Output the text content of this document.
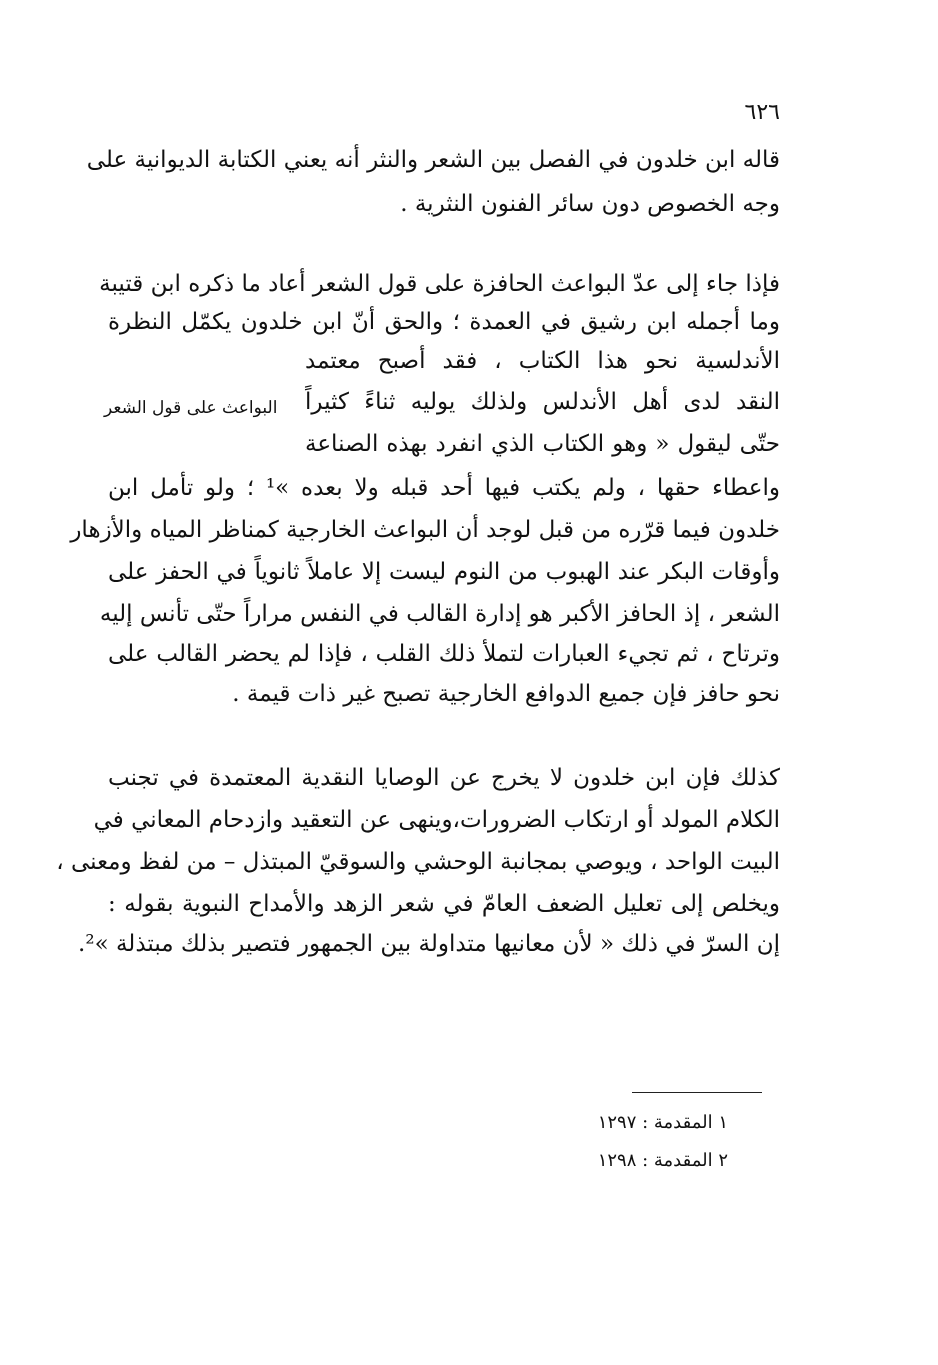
٦٢٦
قاله ابن خلدون في الفصل بين الشعر والنثر أنه يعني الكتابة الديوانية على
وجه الخصوص دون سائر الفنون النثرية .
فإذا جاء إلى عدّ البواعث الحافزة على قول الشعر أعاد ما ذكره ابن قتيبة
وما أجمله ابن رشيق في العمدة ؛ والحق أنّ ابن خلدون يكمّل النظرة
الأندلسية نحو هذا الكتاب ، فقد أصبح معتمد
النقد لدى أهل الأندلس ولذلك يوليه ثناءً كثيراً
حتّى ليقول « وهو الكتاب الذي انفرد بهذه الصناعة
واعطاء حقها ، ولم يكتب فيها أحد قبله ولا بعده »¹ ؛ ولو تأمل ابن
خلدون فيما قرّره من قبل لوجد أن البواعث الخارجية كمناظر المياه والأزهار
وأوقات البكر عند الهبوب من النوم ليست إلا عاملاً ثانوياً في الحفز على
الشعر ، إذ الحافز الأكبر هو إدارة القالب في النفس مراراً حتّى تأنس إليه
وترتاح ، ثم تجيء العبارات لتملأ ذلك القلب ، فإذا لم يحضر القالب على
نحو حافز فإن جميع الدوافع الخارجية تصبح غير ذات قيمة .
البواعث على قول الشعر
كذلك فإن ابن خلدون لا يخرج عن الوصايا النقدية المعتمدة في تجنب
الكلام المولد أو ارتكاب الضرورات،وينهى عن التعقيد وازدحام المعاني في
البيت الواحد ، ويوصي بمجانبة الوحشي والسوقيّ المبتذل – من لفظ ومعنى ،
ويخلص إلى تعليل الضعف العامّ في شعر الزهد والأمداح النبوية بقوله :
إن السرّ في ذلك « لأن معانيها متداولة بين الجمهور فتصير بذلك مبتذلة »².
١ المقدمة : ١٢٩٧
٢ المقدمة : ١٢٩٨
